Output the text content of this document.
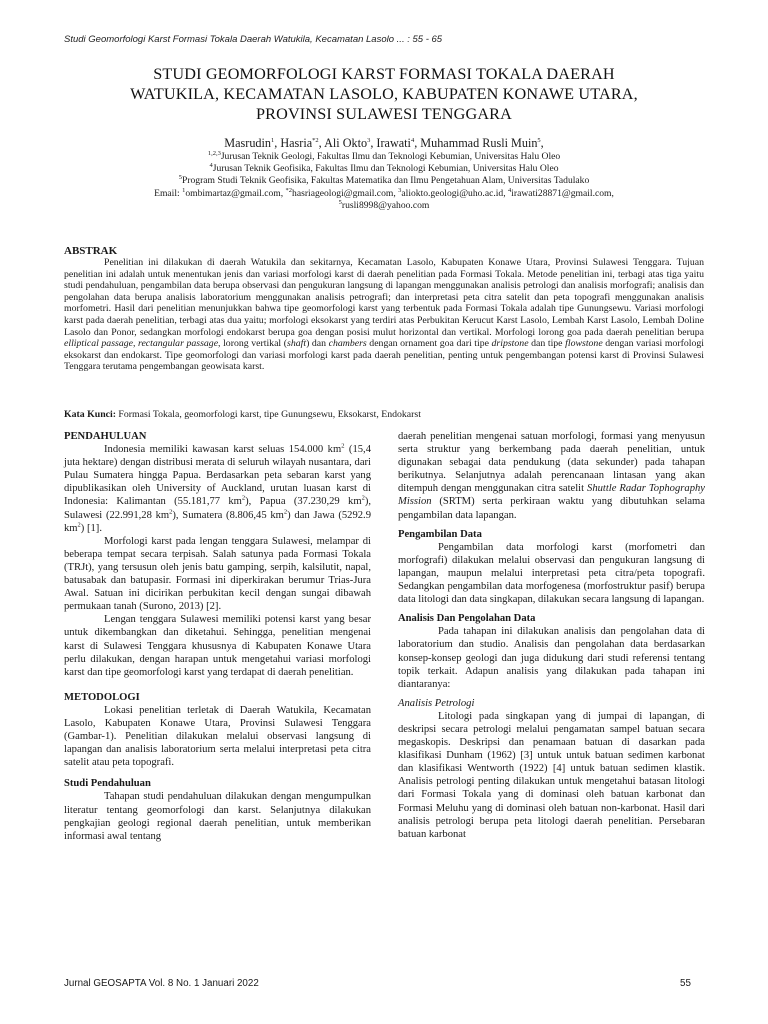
Studi Geomorfologi Karst Formasi Tokala Daerah Watukila, Kecamatan Lasolo ... : 55 - 65
STUDI GEOMORFOLOGI KARST FORMASI TOKALA DAERAH
WATUKILA, KECAMATAN LASOLO, KABUPATEN KONAWE UTARA,
PROVINSI SULAWESI TENGGARA
Masrudin$^1$, Hasria$^{*2}$, Ali Okto$^3$, Irawati$^4$, Muhammad Rusli Muin$^5$,
$^{1,2,3}$Jurusan Teknik Geologi, Fakultas Ilmu dan Teknologi Kebumian, Universitas Halu Oleo
$^4$Jurusan Teknik Geofisika, Fakultas Ilmu dan Teknologi Kebumian, Universitas Halu Oleo
$^5$Program Studi Teknik Geofisika, Fakultas Matematika dan Ilmu Pengetahuan Alam, Universitas Tadulako
Email: $^1$ombimartaz@gmail.com, $^{*2}$hasriageologi@gmail.com, $^3$aliokto.geologi@uho.ac.id, $^4$irawati28871@gmail.com,
$^5$rusli8998@yahoo.com
ABSTRAK

Penelitian ini dilakukan di daerah Watukila dan sekitarnya, Kecamatan Lasolo, Kabupaten Konawe Utara, Provinsi Sulawesi Tenggara. Tujuan penelitian ini adalah untuk menentukan jenis dan variasi morfologi karst di daerah penelitian pada Formasi Tokala. Metode penelitian ini, terbagi atas tiga yaitu studi pendahuluan, pengambilan data berupa observasi dan pengukuran langsung di lapangan menggunakan analisis petrologi dan analisis morfografi; analisis dan pengolahan data berupa analisis laboratorium menggunakan analisis petrografi; dan interpretasi peta citra satelit dan peta topografi menggunakan analisis morfometri. Hasil dari penelitian menunjukkan bahwa tipe geomorfologi karst yang terbentuk pada Formasi Tokala adalah tipe Gunungsewu. Variasi morfologi karst pada daerah penelitian, terbagi atas dua yaitu; morfologi eksokarst yang terdiri atas Perbukitan Kerucut Karst Lasolo, Lembah Karst Lasolo, Lembah Doline Lasolo dan Ponor, sedangkan morfologi endokarst berupa goa dengan posisi mulut horizontal dan vertikal. Morfologi lorong goa pada daerah penelitian berupa elliptical passage, rectangular passage, lorong vertikal (shaft) dan chambers dengan ornament goa dari tipe dripstone dan tipe flowstone dengan variasi morfologi eksokarst dan endokarst. Tipe geomorfologi dan variasi morfologi karst pada daerah penelitian, penting untuk pengembangan potensi karst di Provinsi Sulawesi Tenggara terutama pengembangan geowisata karst.

Kata Kunci: Formasi Tokala, geomorfologi karst, tipe Gunungsewu, Eksokarst, Endokarst
PENDAHULUAN

Indonesia memiliki kawasan karst seluas 154.000 $km^2$ (15,4 juta hektare) dengan distribusi merata di seluruh wilayah nusantara, dari Pulau Sumatera hingga Papua. Berdasarkan peta sebaran karst yang dipublikasikan oleh University of Auckland, urutan luasan karst di Indonesia: Kalimantan (55.181,77 $km^2$), Papua (37.230,29 $km^2$), Sulawesi (22.991,28 $km^2$), Sumatera (8.806,45 $km^2$) dan Jawa (5292.9 $km^2$) [1].

Morfologi karst pada lengan tenggara Sulawesi, melampar di beberapa tempat secara terpisah. Salah satunya pada Formasi Tokala (TRJt), yang tersusun oleh jenis batu gamping, serpih, kalsilutit, napal, batusabak dan batupasir. Formasi ini diperkirakan berumur Trias-Jura Awal. Satuan ini dicirikan perbukitan kecil dengan sungai dibawah permukaan tanah (Surono, 2013) [2].

Lengan tenggara Sulawesi memiliki potensi karst yang besar untuk dikembangkan dan diketahui. Sehingga, penelitian mengenai karst di Sulawesi Tenggara khususnya di Kabupaten Konawe Utara perlu dilakukan, dengan harapan untuk mengetahui variasi morfologi karst dan tipe geomorfologi karst yang terdapat di daerah penelitian.

METODOLOGI

Lokasi penelitian terletak di Daerah Watukila, Kecamatan Lasolo, Kabupaten Konawe Utara, Provinsi Sulawesi Tenggara (Gambar-1). Penelitian dilakukan melalui observasi langsung di lapangan dan analisis laboratorium serta melalui interpretasi peta citra satelit atau peta topografi.

Studi Pendahuluan

Tahapan studi pendahuluan dilakukan dengan mengumpulkan literatur tentang geomorfologi dan karst. Selanjutnya dilakukan pengkajian geologi regional daerah penelitian, untuk memberikan informasi awal tentang

daerah penelitian mengenai satuan morfologi, formasi yang menyusun serta struktur yang berkembang pada daerah penelitian, untuk digunakan sebagai data pendukung (data sekunder) pada tahapan berikutnya. Selanjutnya adalah perencanaan lintasan yang akan ditempuh dengan menggunakan citra satelit Shuttle Radar Tophography Mission (SRTM) serta perkiraan waktu yang dibutuhkan selama pengambilan data lapangan.

Pengambilan Data

Pengambilan data morfologi karst (morfometri dan morfografi) dilakukan melalui observasi dan pengukuran langsung di lapangan, maupun melalui interpretasi peta citra/peta topografi. Sedangkan pengambilan data morfogenesa (morfostruktur pasif) berupa data litologi dan data singkapan, dilakukan secara langsung di lapangan.

Analisis Dan Pengolahan Data

Pada tahapan ini dilakukan analisis dan pengolahan data di laboratorium dan studio. Analisis dan pengolahan data berdasarkan konsep-konsep geologi dan juga didukung dari studi referensi tentang topik terkait. Adapun analisis yang dilakukan pada tahapan ini diantaranya:

Analisis Petrologi

Litologi pada singkapan yang di jumpai di lapangan, di deskripsi secara petrologi melalui pengamatan sampel batuan secara megaskopis. Deskripsi dan penamaan batuan di dasarkan pada klasifikasi Dunham (1962) [3] untuk untuk batuan sedimen karbonat dan klasifikasi Wentworth (1922) [4] untuk batuan sedimen klastik. Analisis petrologi penting dilakukan untuk mengetahui batasan litologi dari Formasi Tokala yang di dominasi oleh batuan karbonat dan Formasi Meluhu yang di dominasi oleh batuan non-karbonat. Hasil dari analisis petrologi berupa peta litologi daerah penelitian. Persebaran batuan karbonat

Jurnal GEOSAPTA Vol. 8 No. 1 Januari 2022	55
